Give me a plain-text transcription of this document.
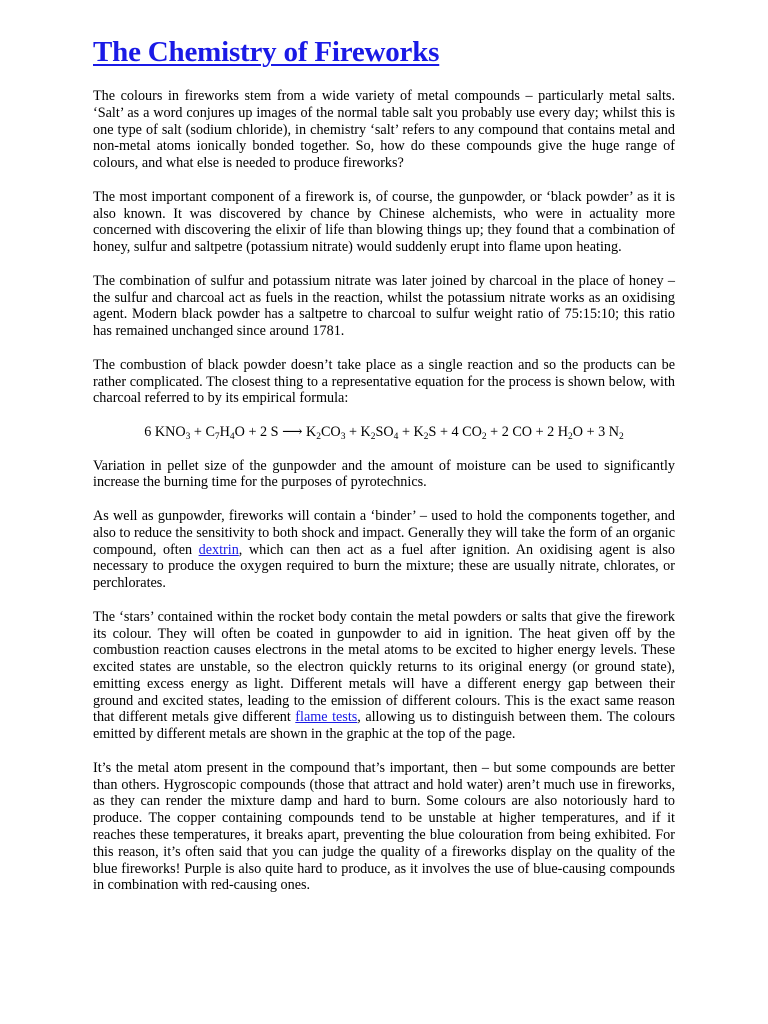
The Chemistry of Fireworks

The colours in fireworks stem from a wide variety of metal compounds – particularly metal salts. ‘Salt’ as a word conjures up images of the normal table salt you probably use every day; whilst this is one type of salt (sodium chloride), in chemistry ‘salt’ refers to any compound that contains metal and non-metal atoms ionically bonded together. So, how do these compounds give the huge range of colours, and what else is needed to produce fireworks?

The most important component of a firework is, of course, the gunpowder, or ‘black powder’ as it is also known. It was discovered by chance by Chinese alchemists, who were in actuality more concerned with discovering the elixir of life than blowing things up; they found that a combination of honey, sulfur and saltpetre (potassium nitrate) would suddenly erupt into flame upon heating.

The combination of sulfur and potassium nitrate was later joined by charcoal in the place of honey – the sulfur and charcoal act as fuels in the reaction, whilst the potassium nitrate works as an oxidising agent. Modern black powder has a saltpetre to charcoal to sulfur weight ratio of 75:15:10; this ratio has remained unchanged since around 1781.

The combustion of black powder doesn’t take place as a single reaction and so the products can be rather complicated. The closest thing to a representative equation for the process is shown below, with charcoal referred to by its empirical formula:

6 $KNO_3 + C_7H_4O + 2$ S ⟶ $K_2CO_3 + K_2SO_4 + K_2S + 4$ $CO_2 + 2$ CO + 2 $H_2O + 3$ $N_2$

Variation in pellet size of the gunpowder and the amount of moisture can be used to significantly increase the burning time for the purposes of pyrotechnics.

As well as gunpowder, fireworks will contain a ‘binder’ – used to hold the components together, and also to reduce the sensitivity to both shock and impact. Generally they will take the form of an organic compound, often dextrin, which can then act as a fuel after ignition. An oxidising agent is also necessary to produce the oxygen required to burn the mixture; these are usually nitrate, chlorates, or perchlorates.

The ‘stars’ contained within the rocket body contain the metal powders or salts that give the firework its colour. They will often be coated in gunpowder to aid in ignition. The heat given off by the combustion reaction causes electrons in the metal atoms to be excited to higher energy levels. These excited states are unstable, so the electron quickly returns to its original energy (or ground state), emitting excess energy as light. Different metals will have a different energy gap between their ground and excited states, leading to the emission of different colours. This is the exact same reason that different metals give different flame tests, allowing us to distinguish between them. The colours emitted by different metals are shown in the graphic at the top of the page.

It’s the metal atom present in the compound that’s important, then – but some compounds are better than others. Hygroscopic compounds (those that attract and hold water) aren’t much use in fireworks, as they can render the mixture damp and hard to burn. Some colours are also notoriously hard to produce. The copper containing compounds tend to be unstable at higher temperatures, and if it reaches these temperatures, it breaks apart, preventing the blue colouration from being exhibited. For this reason, it’s often said that you can judge the quality of a fireworks display on the quality of the blue fireworks! Purple is also quite hard to produce, as it involves the use of blue-causing compounds in combination with red-causing ones.
